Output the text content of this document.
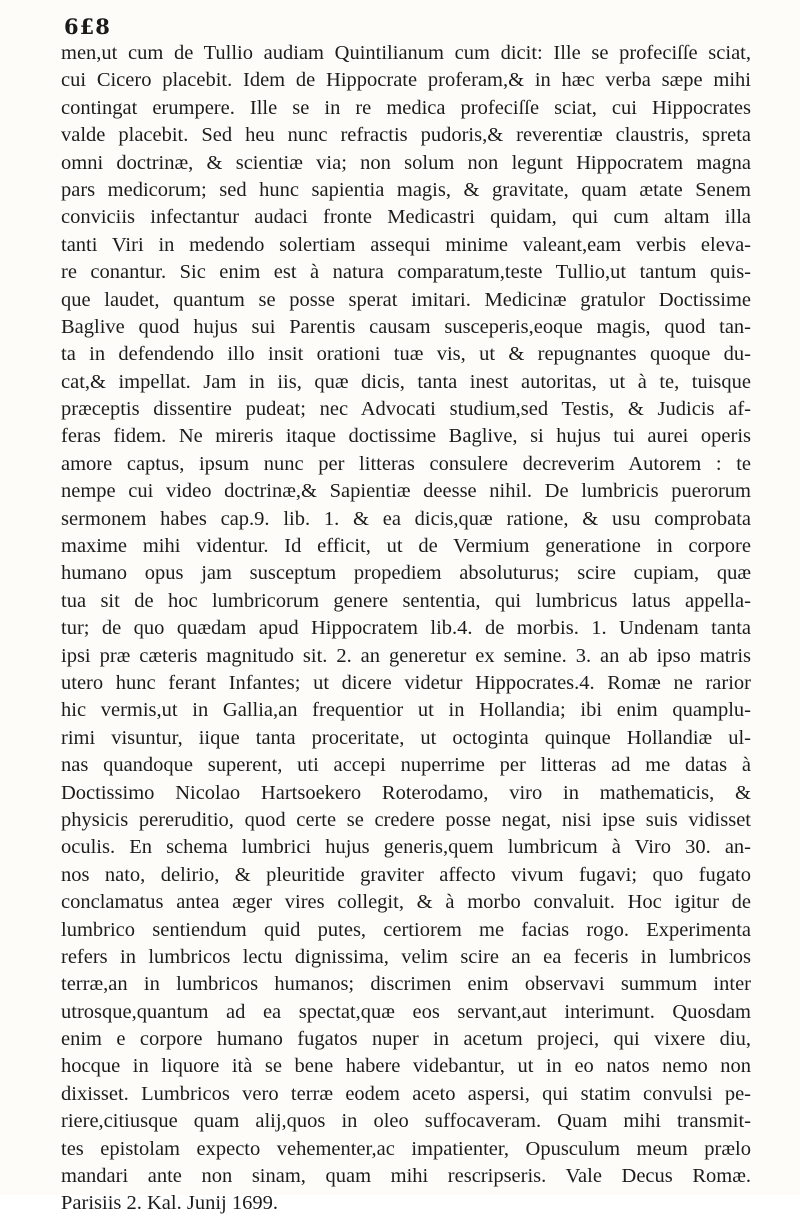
6£8
men,ut cum de Tullio audiam Quintilianum cum dicit: Ille se profeciſſe sciat,
cui Cicero placebit. Idem de Hippocrate proferam,& in hæc verba sæpe mihi
contingat erumpere. Ille se in re medica profeciſſe sciat, cui Hippocrates
valde placebit. Sed heu nunc refractis pudoris,& reverentiæ claustris, spreta
omni doctrinæ, & scientiæ via; non solum non legunt Hippocratem magna
pars medicorum; sed hunc sapientia magis, & gravitate, quam ætate Senem
conviciis infectantur audaci fronte Medicastri quidam, qui cum altam illa
tanti Viri in medendo solertiam assequi minime valeant,eam verbis eleva-
re conantur. Sic enim est à natura comparatum,teste Tullio,ut tantum quis-
que laudet, quantum se posse sperat imitari. Medicinæ gratulor Doctissime
Baglive quod hujus sui Parentis causam susceperis,eoque magis, quod tan-
ta in defendendo illo insit orationi tuæ vis, ut & repugnantes quoque du-
cat,& impellat. Jam in iis, quæ dicis, tanta inest autoritas, ut à te, tuisque
præceptis dissentire pudeat; nec Advocati studium,sed Testis, & Judicis af-
feras fidem. Ne mireris itaque doctissime Baglive, si hujus tui aurei operis
amore captus, ipsum nunc per litteras consulere decreverim Autorem : te
nempe cui video doctrinæ,& Sapientiæ deesse nihil. De lumbricis puerorum
sermonem habes cap.9. lib. 1. & ea dicis,quæ ratione, & usu comprobata
maxime mihi videntur. Id efficit, ut de Vermium generatione in corpore
humano opus jam susceptum propediem absoluturus; scire cupiam, quæ
tua sit de hoc lumbricorum genere sententia, qui lumbricus latus appella-
tur; de quo quædam apud Hippocratem lib.4. de morbis. 1. Undenam tanta
ipsi præ cæteris magnitudo sit. 2. an generetur ex semine. 3. an ab ipso matris
utero hunc ferant Infantes; ut dicere videtur Hippocrates.4. Romæ ne rarior
hic vermis,ut in Gallia,an frequentior ut in Hollandia; ibi enim quamplu-
rimi visuntur, iique tanta proceritate, ut octoginta quinque Hollandiæ ul-
nas quandoque superent, uti accepi nuperrime per litteras ad me datas à
Doctissimo Nicolao Hartsoekero Roterodamo, viro in mathematicis, &
physicis pereruditio, quod certe se credere posse negat, nisi ipse suis vidisset
oculis. En schema lumbrici hujus generis,quem lumbricum à Viro 30. an-
nos nato, delirio, & pleuritide graviter affecto vivum fugavi; quo fugato
conclamatus antea æger vires collegit, & à morbo convaluit. Hoc igitur de
lumbrico sentiendum quid putes, certiorem me facias rogo. Experimenta
refers in lumbricos lectu dignissima, velim scire an ea feceris in lumbricos
terræ,an in lumbricos humanos; discrimen enim observavi summum inter
utrosque,quantum ad ea spectat,quæ eos servant,aut interimunt. Quosdam
enim e corpore humano fugatos nuper in acetum projeci, qui vixere diu,
hocque in liquore ità se bene habere videbantur, ut in eo natos nemo non
dixisset. Lumbricos vero terræ eodem aceto aspersi, qui statim convulsi pe-
riere,citiusque quam alij,quos in oleo suffocaveram. Quam mihi transmit-
tes epistolam expecto vehementer,ac impatienter, Opusculum meum prælo
mandari ante non sinam, quam mihi rescripseris. Vale Decus Romæ.
Parisiis 2. Kal. Junij 1699.
